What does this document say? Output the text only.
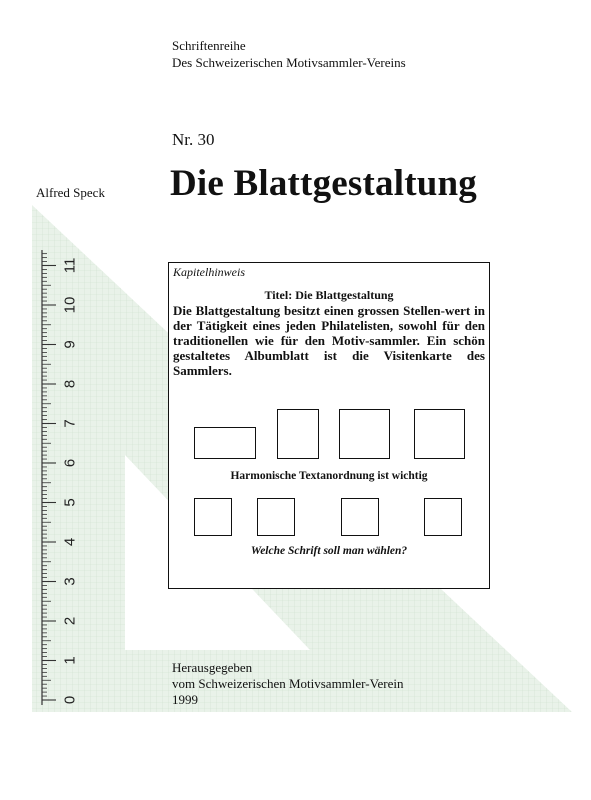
0
1
2
3
4
5
6
7
8
9
10
11
Schriftenreihe
Des Schweizerischen Motivsammler-Vereins
Nr. 30
Alfred Speck Die Blattgestaltung
Kapitelhinweis
Titel: Die Blattgestaltung
Die Blattgestaltung besitzt einen grossen Stellen-wert in der Tätigkeit eines jeden Philatelisten, sowohl für den traditionellen wie für den Motiv-sammler. Ein schön gestaltetes Albumblatt ist die Visitenkarte des Sammlers.
Harmonische Textanordnung ist wichtig
Welche Schrift soll man wählen?
Herausgegeben
vom Schweizerischen Motivsammler-Verein
1999
